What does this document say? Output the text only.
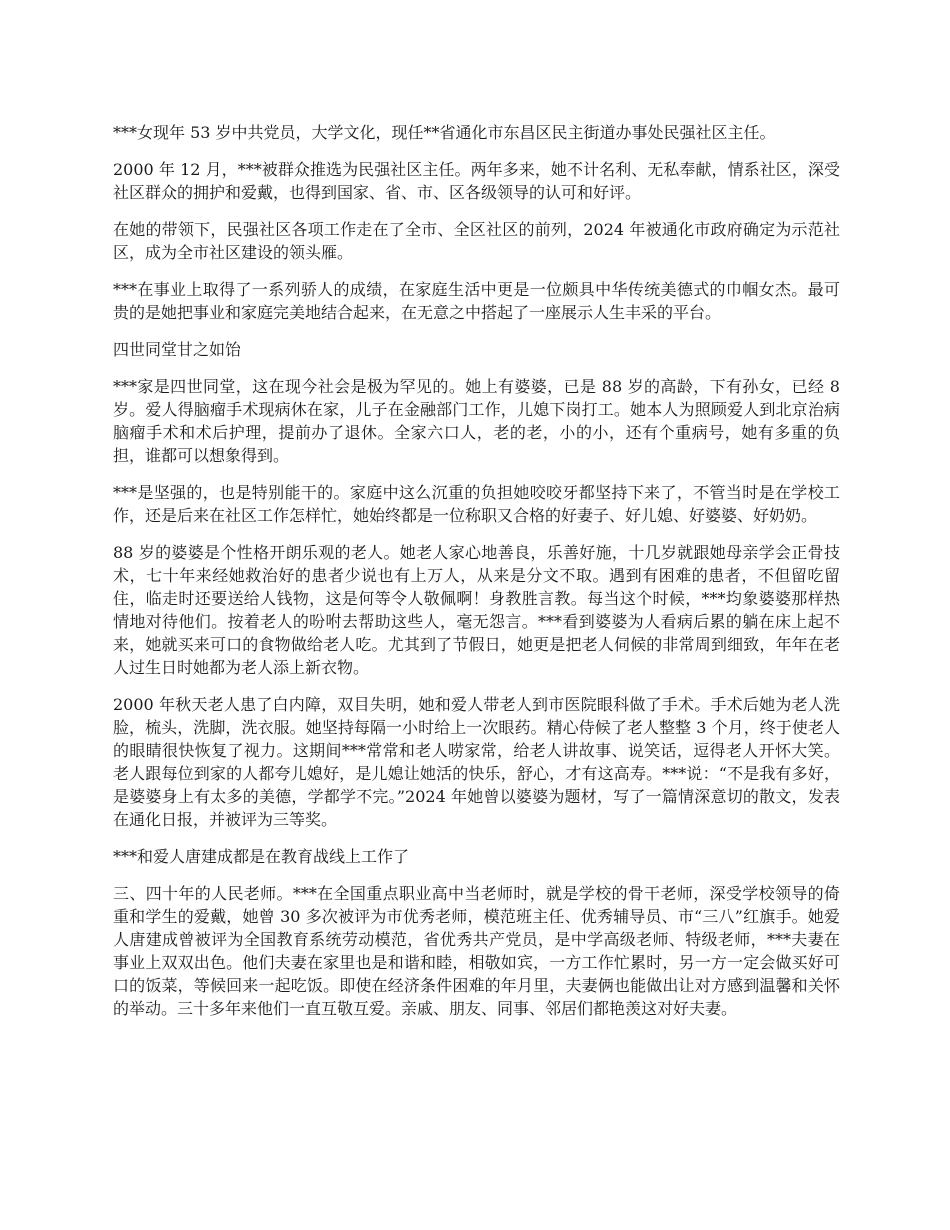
***女现年 53 岁中共党员，大学文化，现任**省通化市东昌区民主街道办事处民强社区主任。

2000 年 12 月，***被群众推选为民强社区主任。两年多来，她不计名利、无私奉献，情系社区，深受社区群众的拥护和爱戴，也得到国家、省、市、区各级领导的认可和好评。

在她的带领下，民强社区各项工作走在了全市、全区社区的前列，2024 年被通化市政府确定为示范社区，成为全市社区建设的领头雁。

***在事业上取得了一系列骄人的成绩，在家庭生活中更是一位颇具中华传统美德式的巾帼女杰。最可贵的是她把事业和家庭完美地结合起来，在无意之中搭起了一座展示人生丰采的平台。

四世同堂甘之如饴

***家是四世同堂，这在现今社会是极为罕见的。她上有婆婆，已是 88 岁的高龄，下有孙女，已经 8 岁。爱人得脑瘤手术现病休在家，儿子在金融部门工作，儿媳下岗打工。她本人为照顾爱人到北京治病脑瘤手术和术后护理，提前办了退休。全家六口人，老的老，小的小，还有个重病号，她有多重的负担，谁都可以想象得到。

***是坚强的，也是特别能干的。家庭中这么沉重的负担她咬咬牙都坚持下来了，不管当时是在学校工作，还是后来在社区工作怎样忙，她始终都是一位称职又合格的好妻子、好儿媳、好婆婆、好奶奶。

88 岁的婆婆是个性格开朗乐观的老人。她老人家心地善良，乐善好施，十几岁就跟她母亲学会正骨技术，七十年来经她救治好的患者少说也有上万人，从来是分文不取。遇到有困难的患者，不但留吃留住，临走时还要送给人钱物，这是何等令人敬佩啊！身教胜言教。每当这个时候，***均象婆婆那样热情地对待他们。按着老人的吩咐去帮助这些人，毫无怨言。***看到婆婆为人看病后累的躺在床上起不来，她就买来可口的食物做给老人吃。尤其到了节假日，她更是把老人伺候的非常周到细致，年年在老人过生日时她都为老人添上新衣物。

2000 年秋天老人患了白内障，双目失明，她和爱人带老人到市医院眼科做了手术。手术后她为老人洗脸，梳头，洗脚，洗衣服。她坚持每隔一小时给上一次眼药。精心侍候了老人整整 3 个月，终于使老人的眼睛很快恢复了视力。这期间***常常和老人唠家常，给老人讲故事、说笑话，逗得老人开怀大笑。老人跟每位到家的人都夸儿媳好，是儿媳让她活的快乐，舒心，才有这高寿。***说：“不是我有多好，是婆婆身上有太多的美德，学都学不完。”2024 年她曾以婆婆为题材，写了一篇情深意切的散文，发表在通化日报，并被评为三等奖。

***和爱人唐建成都是在教育战线上工作了

三、四十年的人民老师。***在全国重点职业高中当老师时，就是学校的骨干老师，深受学校领导的倚重和学生的爱戴，她曾 30 多次被评为市优秀老师，模范班主任、优秀辅导员、市“三八”红旗手。她爱人唐建成曾被评为全国教育系统劳动模范，省优秀共产党员，是中学高级老师、特级老师，***夫妻在事业上双双出色。他们夫妻在家里也是和谐和睦，相敬如宾，一方工作忙累时，另一方一定会做买好可口的饭菜，等候回来一起吃饭。即使在经济条件困难的年月里，夫妻俩也能做出让对方感到温馨和关怀的举动。三十多年来他们一直互敬互爱。亲戚、朋友、同事、邻居们都艳羡这对好夫妻。
